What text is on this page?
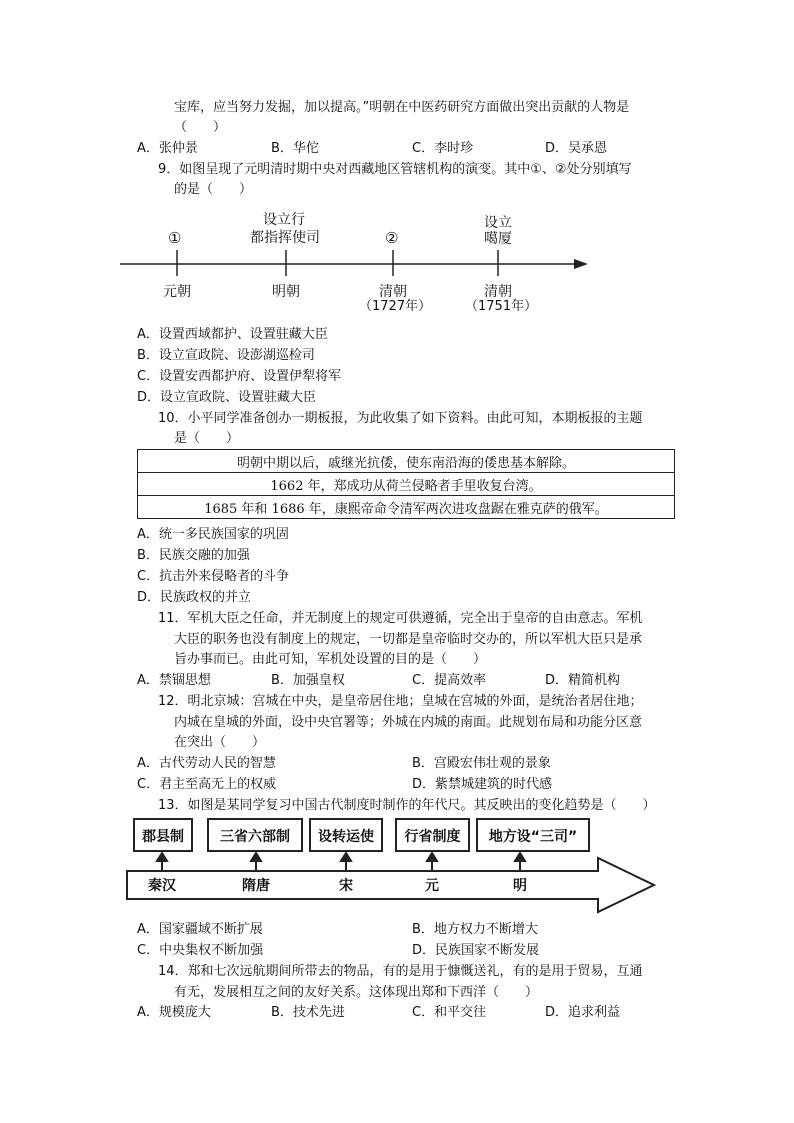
宝库，应当努力发掘，加以提高。”明朝在中医药研究方面做出突出贡献的人物是
（　　）
A．张仲景	B．华佗	C．李时珍	D．吴承恩
9．如图呈现了元明清时期中央对西藏地区管辖机构的演变。其中①、②处分别填写
的是（　　）
①
设立行
都指挥使司	②
设立
噶厦
元朝	明朝	清朝
（1727年）
清朝
（1751年）
A．设置西域都护、设置驻藏大臣
B．设立宣政院、设澎湖巡检司
C．设置安西都护府、设置伊犁将军
D．设立宣政院、设置驻藏大臣
10．小平同学准备创办一期板报，为此收集了如下资料。由此可知，本期板报的主题
是（　　）
明朝中期以后，戚继光抗倭，使东南沿海的倭患基本解除。
1662 年，郑成功从荷兰侵略者手里收复台湾。
1685 年和 1686 年，康熙帝命令清军两次进攻盘踞在雅克萨的俄军。
A．统一多民族国家的巩固
B．民族交融的加强
C．抗击外来侵略者的斗争
D．民族政权的并立
11．军机大臣之任命，并无制度上的规定可供遵循，完全出于皇帝的自由意志。军机
大臣的职务也没有制度上的规定，一切都是皇帝临时交办的，所以军机大臣只是承
旨办事而已。由此可知，军机处设置的目的是（　　）
A．禁锢思想	B．加强皇权	C．提高效率	D．精简机构
12．明北京城：宫城在中央，是皇帝居住地；皇城在宫城的外面，是统治者居住地；
内城在皇城的外面，设中央官署等；外城在内城的南面。此规划布局和功能分区意
在突出（　　）
A．古代劳动人民的智慧	B．宫殿宏伟壮观的景象
C．君主至高无上的权威	D．紫禁城建筑的时代感
13．如图是某同学复习中国古代制度时制作的年代尺。其反映出的变化趋势是（　　）
郡县制	三省六部制	设转运使	行省制度	地方设“三司”
秦汉	隋唐	宋	元	明
A．国家疆域不断扩展	B．地方权力不断增大
C．中央集权不断加强	D．民族国家不断发展
14．郑和七次远航期间所带去的物品，有的是用于慷慨送礼，有的是用于贸易，互通
有无，发展相互之间的友好关系。这体现出郑和下西洋（　　）
A．规模庞大	B．技术先进	C．和平交往	D．追求利益
